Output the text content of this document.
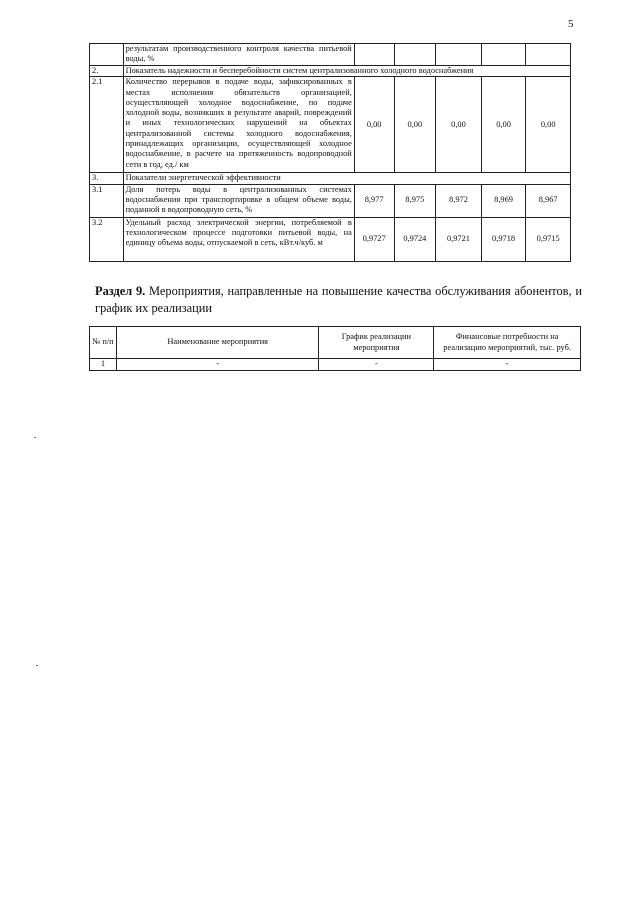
5
	результатам производственного контроля качества питьевой воды, %					
2.	Показатель надежности и бесперебойности систем централизованного холодного водоснабжения					
2.1	Количество перерывов в подаче воды, зафиксированных в местах исполнения обязательств организацией, осуществляющей холодное водоснабжение, по подаче холодной воды, возникших в результате аварий, повреждений и иных технологических нарушений на объектах централизованной системы холодного водоснабжения, принадлежащих организации, осуществляющей холодное водоснабжение, в расчете на протяженность водопроводной сети в год, ед./ км	0,00	0,00	0,00	0,00	0,00
3.	Показатели энергетической эффективности					
3.1	Доля потерь воды в централизованных системах водоснабжения при транспортировке в общем объеме воды, поданной в водопроводную сеть, %	8,977	8,975	8,972	8,969	8,967
3.2	Удельный расход электрической энергии, потребляемой в технологическом процессе подготовки питьевой воды, на единицу объема воды, отпускаемой в сеть, кВт.ч/куб. м	0,9727	0,9724	0,9721	0,9718	0,9715
Раздел 9. Мероприятия, направленные на повышение качества обслуживания абонентов, и график их реализации
№ п/п	Наименование мероприятия	График реализации мероприятия	Финансовые потребности на реализацию мероприятий, тыс. руб.
1	-	-	-
